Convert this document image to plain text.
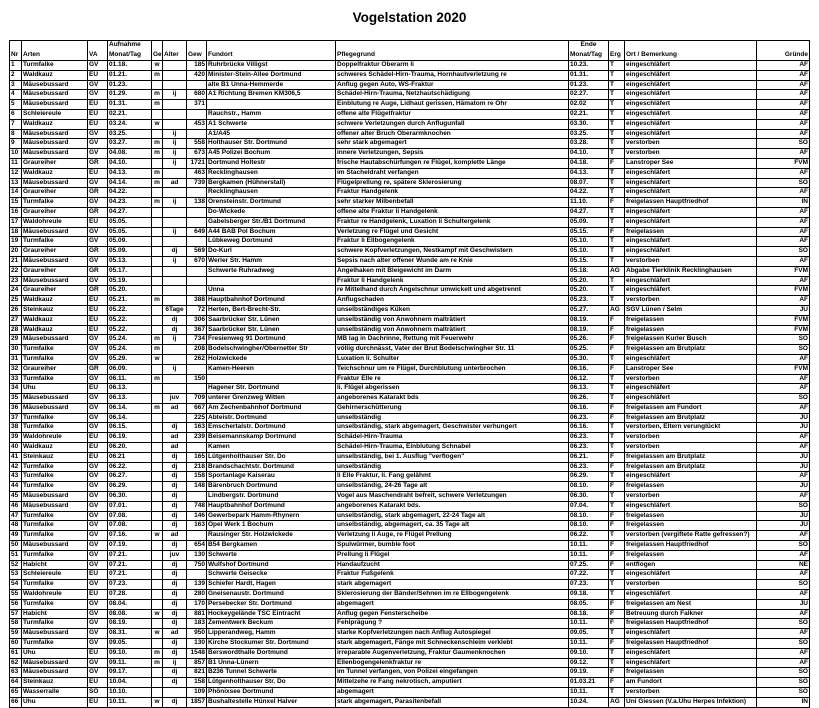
Vogelstation 2020
			Aufnahme						Ende			
Nr	Arten	VA	Monat/Tag	Ge	Alter	Gew	Fundort	Pflegegrund	Monat/Tag	Erg	Ort / Bemerkung	Gründe
1	Turmfalke	GV	01.18.	w		185	Ruhrbrücke Villigst	Doppelfraktur Oberarm li	10.23.	T	eingeschläfert	AF
2	Waldkauz	EU	01.21.	m		420	Minister-Stein-Allee Dortmund	schweres Schädel-Hirn-Trauma, Hornhautverletzung re	01.31.	T	eingeschläfert	AF
3	Mäusebussard	GV	01.23.				alte B1 Unna-Hemmerde	Anflug gegen Auto, WS-Fraktur	01.23.	T	eingeschläfert	AF
4	Mäusebussard	GV	01.29.	m	ij	680	A1 Richtung Bremen KM306,5	Schädel-Hirn-Trauma, Netzhautschädigung	02.27.	T	eingeschläfert	AF
5	Mäusebussard	EU	01.31.	m		371		Einblutung re Auge, Lidhaut gerissen, Hämatom re Ohr	02.02	T	eingeschläfert	AF
6	Schleiereule	EU	02.21.				Rauchstr., Hamm	offene alte Flügelfraktur	02.21.	T	eingeschläfert	AF
7	Waldkauz	EU	03.24.	w		453	A1 Schwerte	schwere Verletzungen durch Anflugunfall	03.30.	T	eingeschläfert	AF
8	Mäusebussard	GV	03.25.		ij		A1/A45	offener alter Bruch Oberarmknochen	03.25.	T	eingeschläfert	AF
9	Mäusebussard	GV	03.27.	m	ij	558	Holthauser Str. Dortmund	sehr stark abgemagert	03.28.	T	verstorben	SO
10	Mäusebussard	GV	04.08.	m	ij	673	A45 Polizei Bochum	innere Verletzungen, Sepsis	04.10.	T	verstorben	AF
11	Graureiher	GR	04.10.		ij	1721	Dortmund Holtestr	frische Hautabschürfungen re Flügel, komplette Länge	04.18.	F	Lanstroper See	FVM
12	Waldkauz	EU	04.13.	m		463	Recklinghausen	im Stacheldraht verfangen	04.13.	T	eingeschläfert	AF
13	Mäusebussard	GV	04.14.	m	ad	739	Bergkamen (Hühnerstall)	Flügelprellung re, spätere Sklerosierung	08.07.	T	eingeschläfert	SO
14	Graureiher	GR	04.22.				Recklinghausen	Fraktur Handgelenk	04.22.	T	eingeschläfert	AF
15	Turmfalke	GV	04.23.	m	ij	138	Orensteinstr. Dortmund	sehr starker Milbenbefall	11.10.	F	freigelassen Hauptfriedhof	IN
16	Graureiher	GR	04.27.				Do-Wickede	offene alte Fraktur li Handgelenk	04.27.	T	eingeschläfert	AF
17	Waldohreule	EU	05.05.				Gabelsberger Str./B1 Dortmund	Fraktur re Handgelenk, Luxation li Schultergelenk	05.09.	T	eingeschläfert	AF
18	Mäusebussard	GV	05.05.		ij	649	A44 BAB Pol Bochum	Verletzung re Flügel und Gesicht	05.15.	F	freigelassen	AF
19	Turmfalke	GV	05.09.				Lübkeweg Dortmund	Fraktur li Ellbogengelenk	05.10.	T	eingeschläfert	AF
20	Graureiher	GR	05.09.		dj	569	Do-Kurl	schwere Kopfverletzungen, Nestkampf mit Geschwistern	05.10.	T	eingeschläfert	SO
21	Mäusebussard	GV	05.13.		ij	670	Werler Str. Hamm	Sepsis nach alter offener Wunde am re Knie	05.15.	T	verstorben	AF
22	Graureiher	GR	05.17.				Schwerte Ruhradweg	Angelhaken mit Bleigewicht im Darm	05.18.	AG	Abgabe Tierklinik Recklinghausen	FVM
23	Mäusebussard	GV	05.19.					Fraktur li Handgelenk	05.20.	T	eingeschläfert	AF
24	Graureiher	GR	05.20.				Unna	re Mittelhand durch Angelschnur umwickelt und abgetrennt	05.20.	T	eingeschläfert	FVM
25	Waldkauz	EU	05.21.	m		388	Hauptbahnhof Dortmund	Anflugschaden	05.23.	T	verstorben	AF
26	Steinkauz	EU	05.22.		6Tage	72	Herten, Bert-Brecht-Str.	unselbständiges Küken	05.27.	AG	SGV Lünen / Selm	JU
27	Waldkauz	EU	05.22.		dj	306	Saarbrücker Str. Lünen	unselbständig von Anwohnern malträtiert	08.19.	F	freigelassen	FVM
28	Waldkauz	EU	05.22.		dj	367	Saarbrücker Str. Lünen	unselbständig von Anwohnern malträtiert	08.19.	F	freigelassen	FVM
29	Mäusebussard	GV	05.24.	m	ij	734	Fresienweg 91 Dortmund	MB lag in Dachrinne, Rettung mit Feuerwehr	05.26.	F	freigelassen Kurler Busch	SO
30	Turmfalke	GV	05.24.	m		208	Bodelschwingher/Obernetter Str	völlig durchnässt, Vater der Brut Bodelschwingher Str. 11	05.25.	F	freigelassen am Brutplatz	SO
31	Turmfalke	GV	05.29.	w		262	Holzwickede	Luxation li. Schulter	05.30.	T	eingeschläfert	AF
32	Graureiher	GR	06.09.		ij		Kamen-Heeren	Teichschnur um re Flügel, Durchblutung unterbrochen	06.16.	F	Lanstroper See	FVM
33	Turmfalke	GV	06.11.	m		150		Fraktur Elle re	06.12.	T	verstorben	AF
34	Uhu	EU	06.13.				Hagener Str. Dortmund	li. Flügel abgerissen	06.13.	T	eingeschläfert	AF
35	Mäusebussard	GV	06.13.		juv	709	unterer Grenzweg Witten	angeborenes Katarakt bds	06.26.	T	eingeschläfert	SO
36	Mäusebussard	GV	06.14.	m	ad	667	Am Zechenbahnhof Dortmund	Gehirnerschütterung	06.16.	F	freigelassen am Fundort	AF
37	Turmfalke	GV	06.14.			225	Abteistr. Dortmund	unselbständig	06.23.	F	freigelassen am Brutplatz	JU
38	Turmfalke	GV	06.15.		dj	163	Emschertalstr. Dortmund	unselbständig, stark abgemagert, Geschwister verhungert	06.16.	T	verstorben, Eltern verunglückt	JU
39	Waldohreule	EU	06.19.		ad	239	Beisemannskamp Dortmund	Schädel-Hirn-Trauma	06.23.	T	verstorben	AF
40	Waldkauz	EU	06.20.		ad		Kamen	Schädel-Hirn-Trauma, Einblutung Schnabel	06.23.	T	verstorben	AF
41	Steinkauz	EU	06.21		dj	165	Lütgenholthauser Str. Do	unselbständig, bei 1. Ausflug "verflogen"	06.21.	F	freigelassen am Brutplatz	JU
42	Turmfalke	GV	06.22.		dj	218	Brandschachtstr. Dortmund	unselbständig	06.23.	F	freigelassen am Brutplatz	JU
43	Turmfalke	GV	06.27.		dj	158	Sportanlage Kaiserau	li Elle Fraktur, li. Fang gelähmt	06.29.	T	eingeschläfert	AF
44	Turmfalke	GV	06.29.		dj	148	Bärenbruch Dortmund	unselbständig, 24-26 Tage alt	08.10.	F	freigelassen	JU
45	Mäusebussard	GV	06.30.		dj		Lindbergstr. Dortmund	Vogel aus Maschendraht befreit, schwere Verletzungen	06.30.	T	verstorben	AF
46	Mäusebussard	GV	07.01.		dj	748	Hauptbahnhof Dortmund	angeborenes Katarakt bds.	07.04.	T	eingeschläfert	SO
47	Turmfalke	GV	07.08.		dj	146	Gewerbepark Hamm-Rhynern	unselbständig, stark abgemagert, 22-24 Tage alt	08.10.	F	freigelassen	JU
48	Turmfalke	GV	07.08.		dj	163	Opel Werk 1 Bochum	unselbständig, abgemagert, ca. 35 Tage alt	08.10.	F	freigelassen	JU
49	Turmfalke	GV	07.16.	w	ad		Rausinger Str. Holzwickede	Verletzung li Auge, re Flügel Prellung	06.22.	T	verstorben (vergiftete Ratte gefressen?)	AF
50	Mäusebussard	GV	07.19.		dj	654	B54 Bergkamen	Spulwürmer, bumble foot	10.11.	F	freigelassen Hauptfriedhof	SO
51	Turmfalke	GV	07.21.		juv	130	Schwerte	Prellung li Flügel	10.11.	F	freigelassen	AF
52	Habicht	GV	07.21.		dj	750	Wulfshof Dortmund	Handaufzucht	07.25.	F	entflogen	NE
53	Schleiereule	EU	07.21.		dj		Schwerte Geisecke	Fraktur Fußgelenk	07.22.	T	eingeschläfert	AF
54	Turmfalke	GV	07.23.		dj	139	Schiefer Hardt, Hagen	stark abgemagert	07.23.	T	verstorben	SO
55	Waldohreule	EU	07.28.		dj	280	Gneisenaustr. Dortmund	Sklerosierung der Bänder/Sehnen im re Ellbogengelenk	09.18.	T	eingeschläfert	AF
56	Turmfalke	GV	08.04.		dj	170	Persebecker Str. Dortmund	abgemagert	08.05.	F	freigelassen am Nest	JU
57	Habicht	GV	08.08.	w	dj	881	Hockeygelände TSC Eintracht	Anflug gegen Fensterscheibe	08.18.	F	Betreuung durch Falkner	AF
58	Turmfalke	GV	08.19.		dj	183	Zementwerk Beckum	Fehlprägung ?	10.11.	F	freigelassen Hauptfriedhof	SO
59	Mäusebussard	GV	08.31.	w	ad	950	Lipperandweg, Hamm	starke Kopfverletzungen nach Anflug Autospiegel	09.05.	T	eingeschläfert	AF
60	Turmfalke	GV	09.05.		dj	130	Kirche Stockumer Str. Dortmund	stark abgemagert, Fänge mit Schneckenschleim verklebt	10.11.	F	freigelassen Hauptfriedhof	SO
61	Uhu	EU	09.10.	m	dj	1548	Berswordthalle Dortmund	irreparable Augenverletzung, Fraktur Gaumenknochen	09.10.	T	eingeschläfert	AF
62	Mäusebussard	GV	09.11.	m	ij	857	B1 Unna-Lünern	Ellenbogengelenkfraktur re	09.12.	T	eingeschläfert	AF
63	Mäusebussard	GV	09.17.		dj	821	B236 Tunnel Schwerte	im Tunnel verfangen, von Polizei eingefangen	09.19.	F	freigelassen	SO
64	Steinkauz	EU	10.04.		dj	158	Lütgenholthauser Str. Do	Mittelzehe re Fang nekrotisch, amputiert	01.03.21	F	am Fundort	SO
65	Wasserralle	SO	10.10.			109	Phönixsee Dortmund	abgemagert	10.11.	T	verstorben	SO
66	Uhu	EU	10.11.	w	dj	1857	Bushaltestelle Hünxel Halver	stark abgemagert, Parasitenbefall	10.24.	AG	Uni Giessen (V.a.Uhu Herpes Infektion)	IN
